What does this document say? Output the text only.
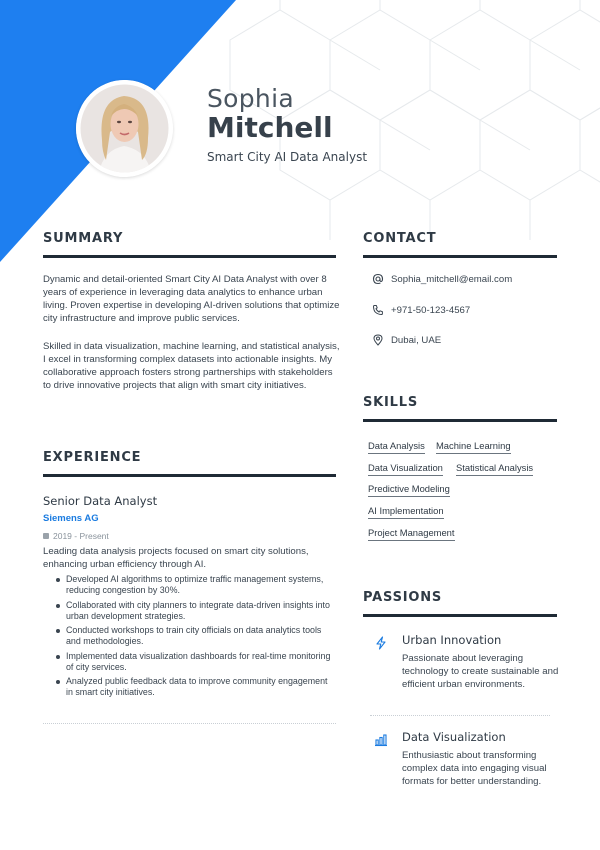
Sophia
Mitchell
Smart City AI Data Analyst
SUMMARY
Dynamic and detail-oriented Smart City AI Data Analyst with over 8 years of experience in leveraging data analytics to enhance urban living. Proven expertise in developing AI-driven solutions that optimize city infrastructure and improve public services.
Skilled in data visualization, machine learning, and statistical analysis, I excel in transforming complex datasets into actionable insights. My collaborative approach fosters strong partnerships with stakeholders to drive innovative projects that align with smart city initiatives.
EXPERIENCE
Senior Data Analyst
Siemens AG
2019 - Present
Leading data analysis projects focused on smart city solutions, enhancing urban efficiency through AI.
Developed AI algorithms to optimize traffic management systems, reducing congestion by 30%.
Collaborated with city planners to integrate data-driven insights into urban development strategies.
Conducted workshops to train city officials on data analytics tools and methodologies.
Implemented data visualization dashboards for real-time monitoring of city services.
Analyzed public feedback data to improve community engagement in smart city initiatives.
CONTACT
Sophia_mitchell@email.com
+971-50-123-4567
Dubai, UAE
SKILLS
Data Analysis Machine Learning
Data Visualization Statistical Analysis
Predictive Modeling
AI Implementation
Project Management
PASSIONS
Urban Innovation
Passionate about leveraging technology to create sustainable and efficient urban environments.
Data Visualization
Enthusiastic about transforming complex data into engaging visual formats for better understanding.
